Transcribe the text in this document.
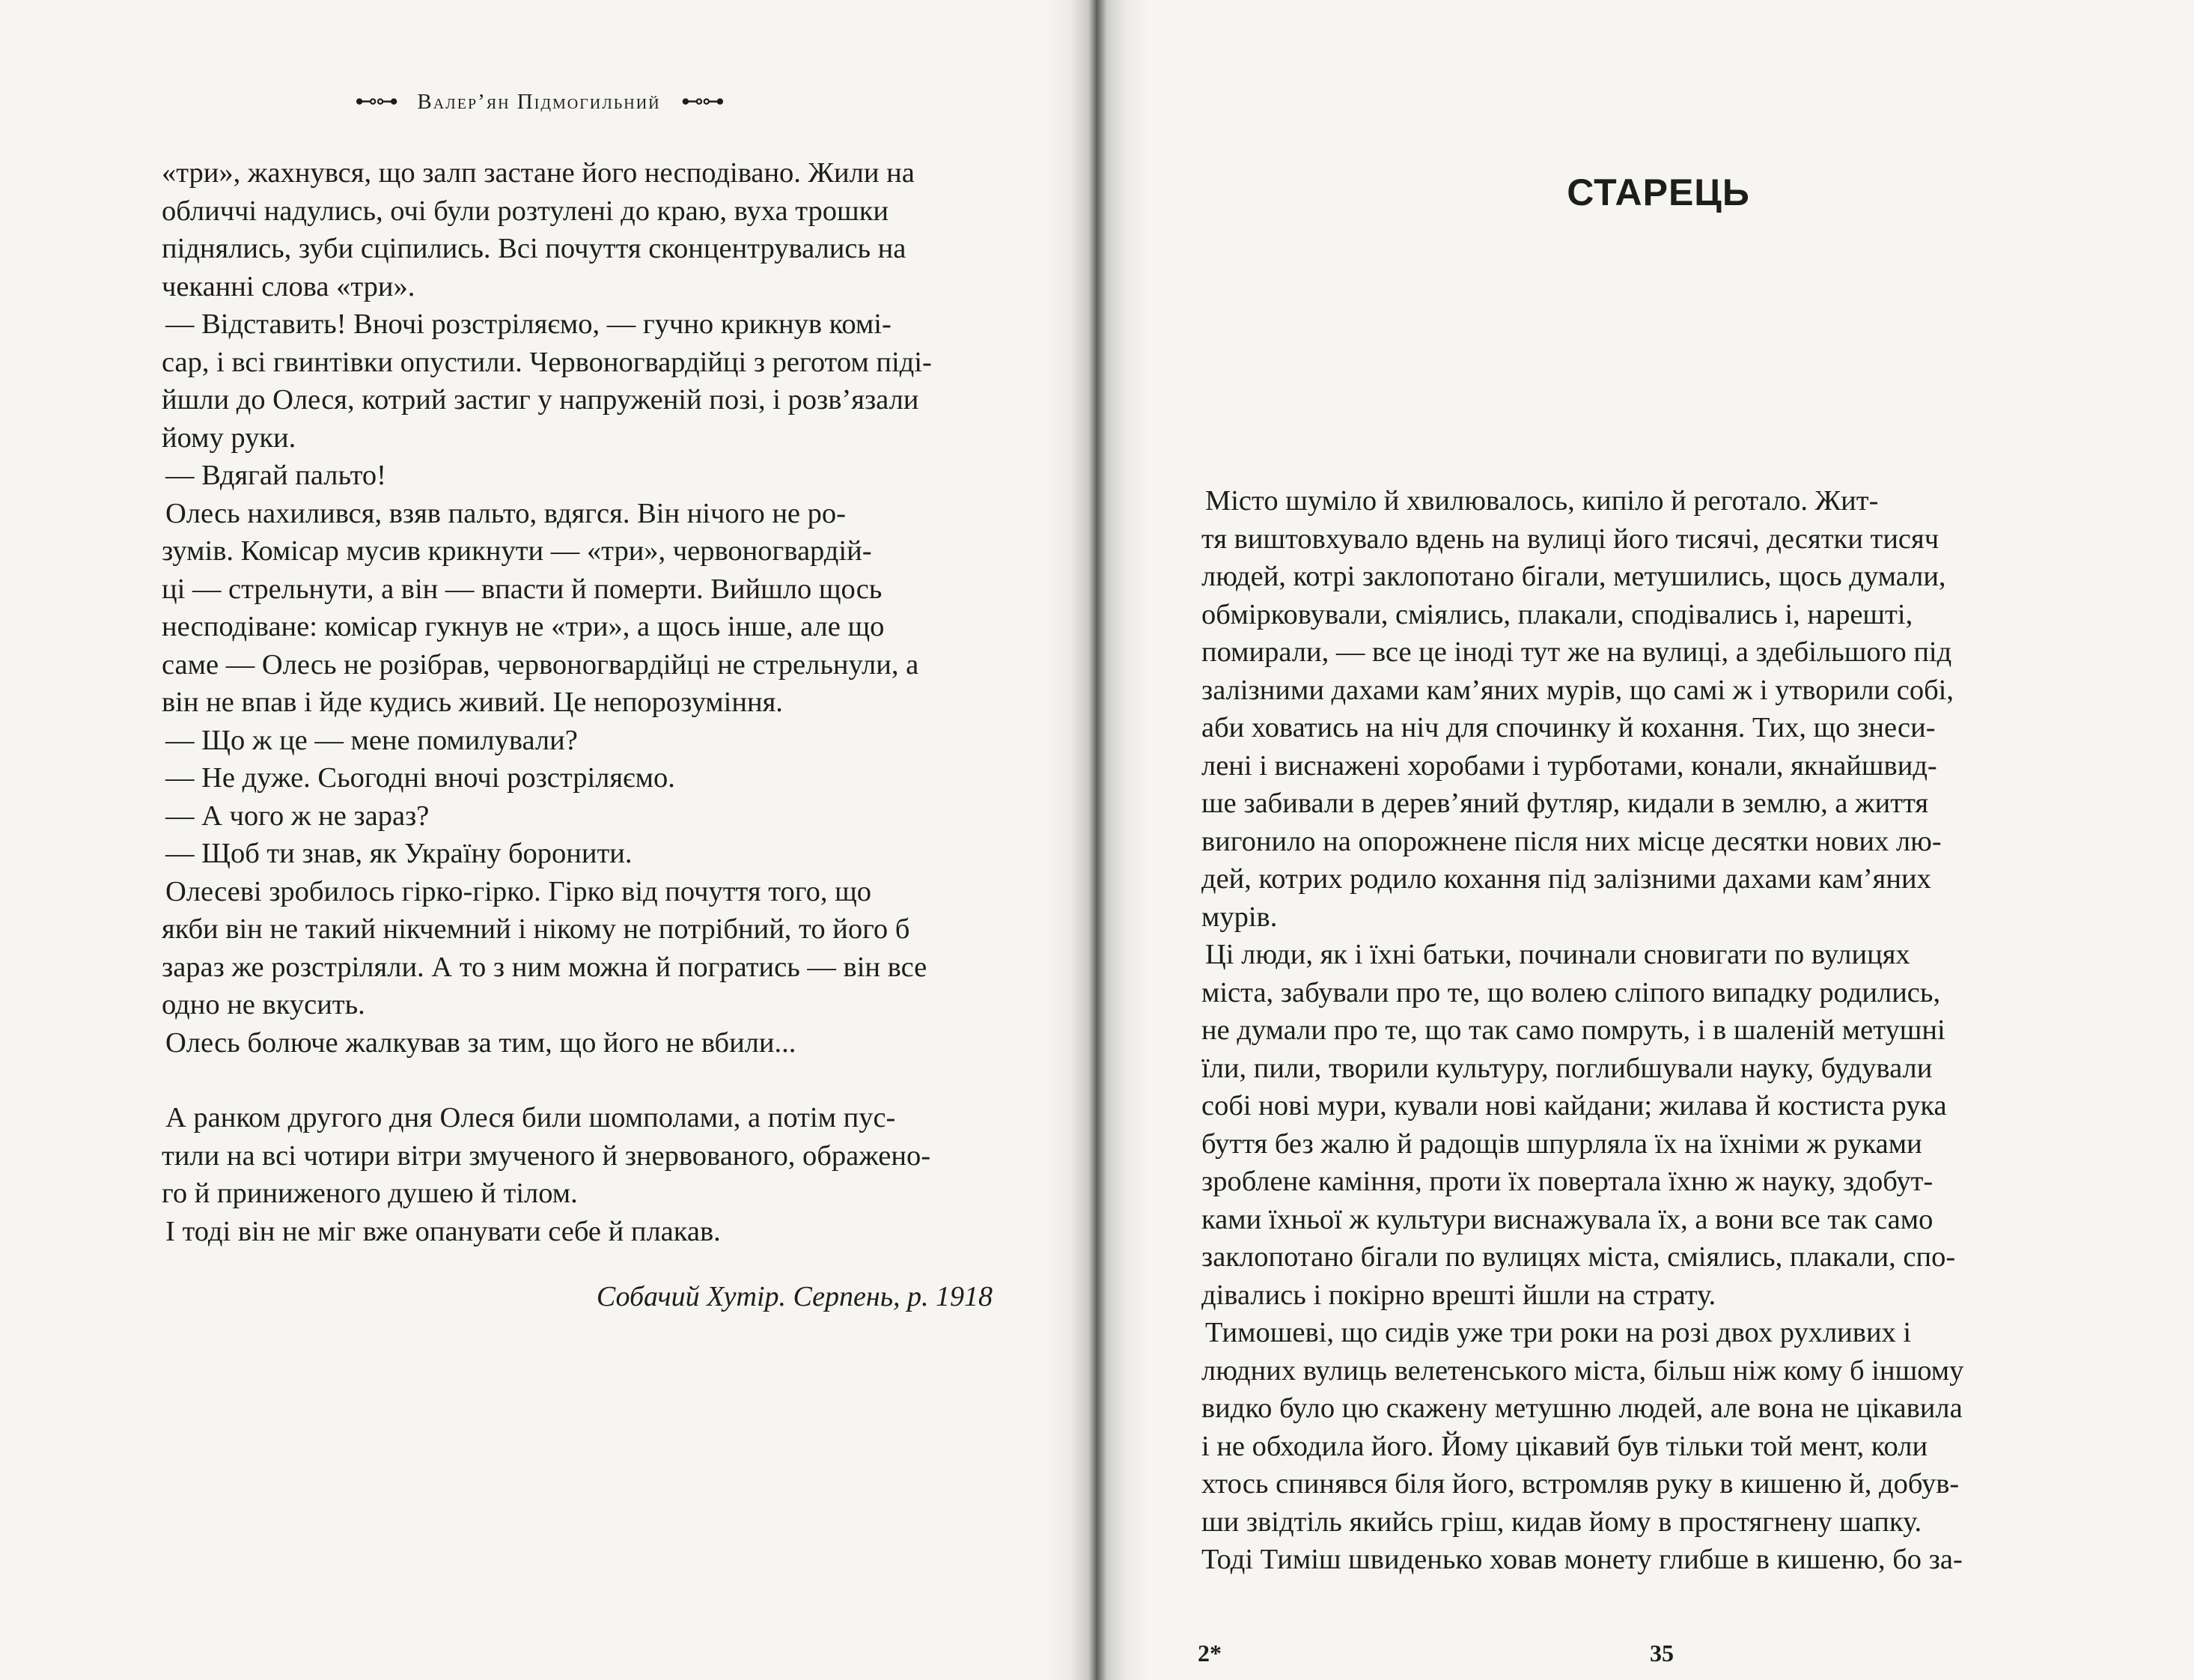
⊷⊶ Валер’ян Підмогильний ⊷⊶

«три», жахнувся, що залп застане його несподівано. Жили на

обличчі надулись, очі були розтулені до краю, вуха трошки

піднялись, зуби сціпились. Всі почуття сконцентрувались на

чеканні слова «три».

— Відставить! Вночі розстріляємо, — гучно крикнув комі-

сар, і всі гвинтівки опустили. Червоногвардійці з реготом піді-

йшли до Олеся, котрий застиг у напруженій позі, і розв’язали

йому руки.

— Вдягай пальто!

Олесь нахилився, взяв пальто, вдягся. Він нічого не ро-

зумів. Комісар мусив крикнути — «три», червоногвардій-

ці — стрельнути, а він — впасти й померти. Вийшло щось

несподіване: комісар гукнув не «три», а щось інше, але що

саме — Олесь не розібрав, червоногвардійці не стрельнули, а

він не впав і йде кудись живий. Це непорозуміння.

— Що ж це — мене помилували?

— Не дуже. Сьогодні вночі розстріляємо.

— А чого ж не зараз?

— Щоб ти знав, як Україну боронити.

Олесеві зробилось гірко-гірко. Гірко від почуття того, що

якби він не такий нікчемний і нікому не потрібний, то його б

зараз же розстріляли. А то з ним можна й погратись — він все

одно не вкусить.

Олесь болюче жалкував за тим, що його не вбили...

А ранком другого дня Олеся били шомполами, а потім пус-

тили на всі чотири вітри змученого й знервованого, ображено-

го й приниженого душею й тілом.

І тоді він не міг вже опанувати себе й плакав.

Собачий Хутір. Серпень, р. 1918
СТАРЕЦЬ

Місто шуміло й хвилювалось, кипіло й реготало. Жит-

тя виштовхувало вдень на вулиці його тисячі, десятки тисяч

людей, котрі заклопотано бігали, метушились, щось думали,

обмірковували, сміялись, плакали, сподівались і, нарешті,

помирали, — все це іноді тут же на вулиці, а здебільшого під

залізними дахами кам’яних мурів, що самі ж і утворили собі,

аби ховатись на ніч для спочинку й кохання. Тих, що знеси-

лені і виснажені хоробами і турботами, конали, якнайшвид-

ше забивали в дерев’яний футляр, кидали в землю, а життя

вигонило на опорожнене після них місце десятки нових лю-

дей, котрих родило кохання під залізними дахами кам’яних

мурів.

Ці люди, як і їхні батьки, починали сновигати по вулицях

міста, забували про те, що волею сліпого випадку родились,

не думали про те, що так само помруть, і в шаленій метушні

їли, пили, творили культуру, поглибшували науку, будували

собі нові мури, кували нові кайдани; жилава й костиста рука

буття без жалю й радощів шпурляла їх на їхніми ж руками

зроблене каміння, проти їх повертала їхню ж науку, здобут-

ками їхньої ж культури виснажувала їх, а вони все так само

заклопотано бігали по вулицях міста, сміялись, плакали, спо-

дівались і покірно врешті йшли на страту.

Тимошеві, що сидів уже три роки на розі двох рухливих і

людних вулиць велетенського міста, більш ніж кому б іншому

видко було цю скажену метушню людей, але вона не цікавила

і не обходила його. Йому цікавий був тільки той мент, коли

хтось спинявся біля його, встромляв руку в кишеню й, добув-

ши звідтіль якийсь гріш, кидав йому в простягнену шапку.

Тоді Тиміш швиденько ховав монету глибше в кишеню, бо за-

2*	35
